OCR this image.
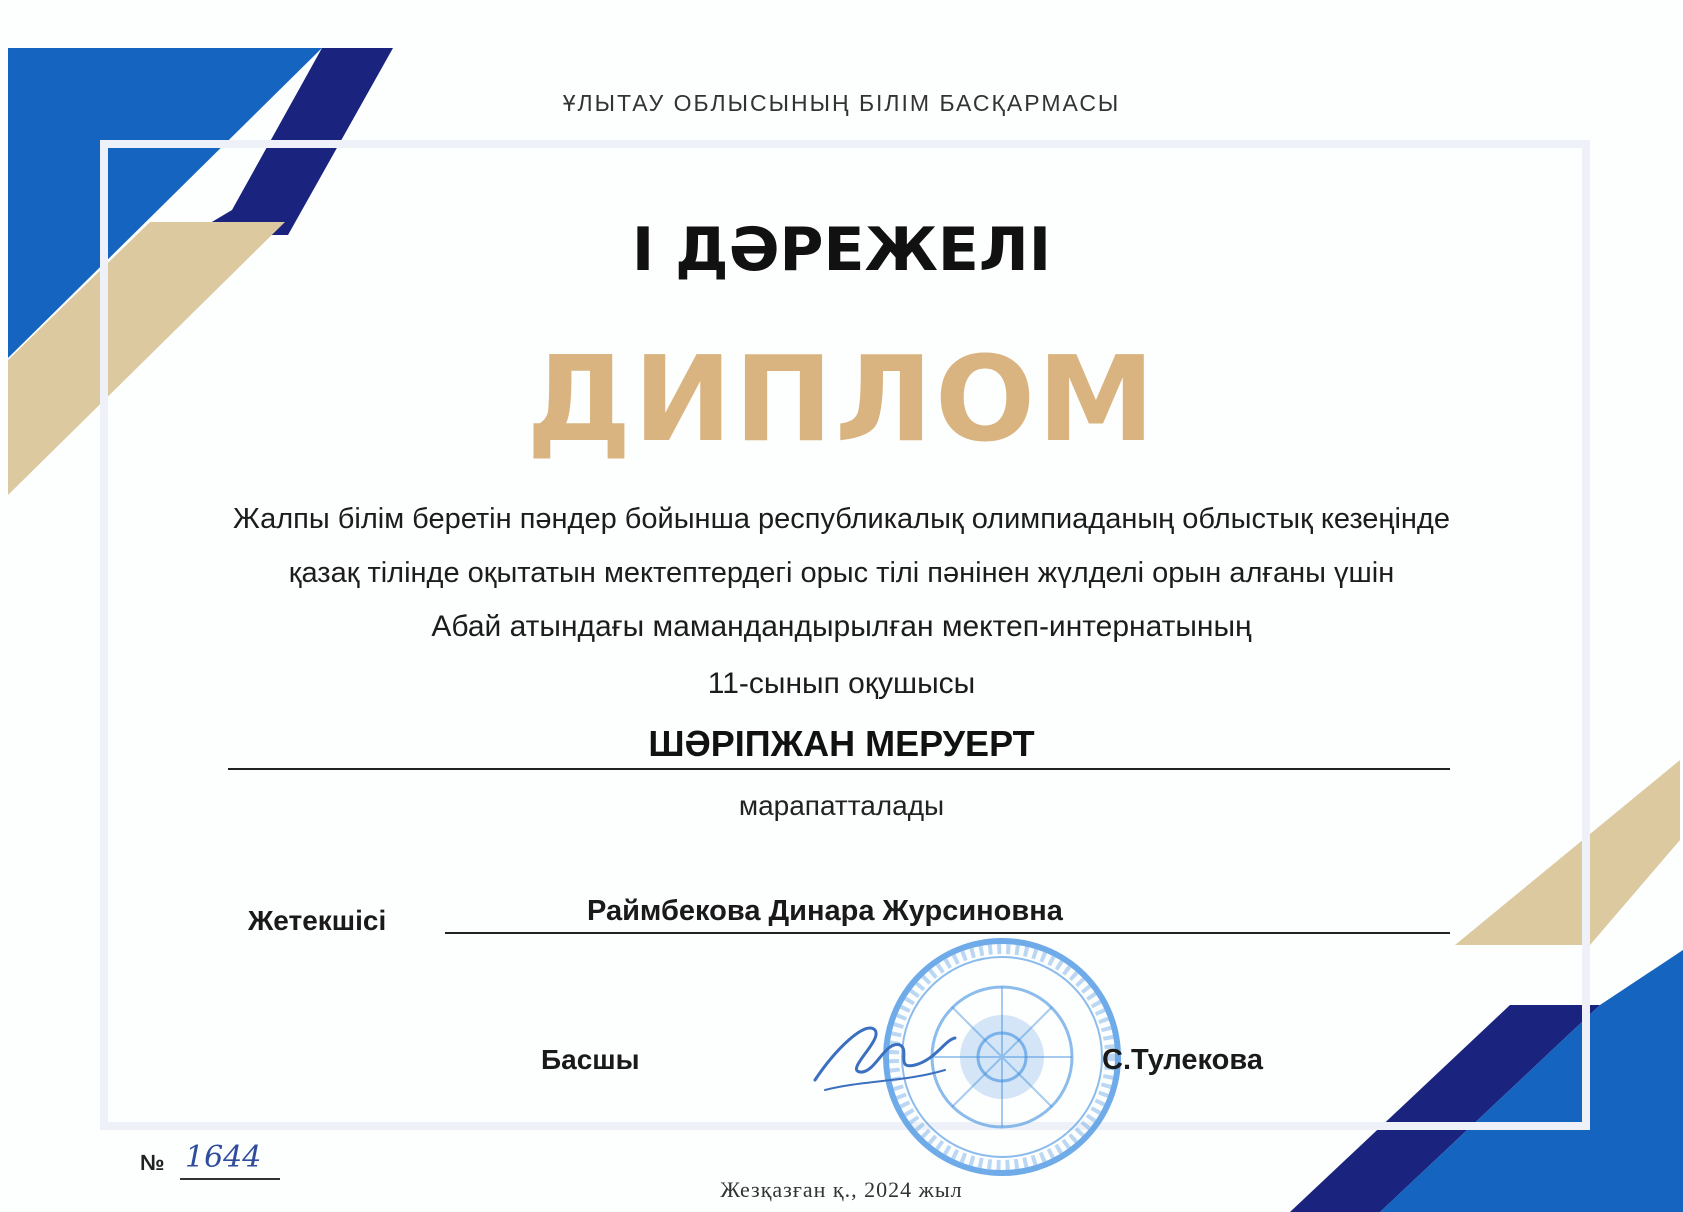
ҰЛЫТАУ ОБЛЫСЫНЫҢ БІЛІМ БАСҚАРМАСЫ
І ДӘРЕЖЕЛІ
ДИПЛОМ
Жалпы білім беретін пәндер бойынша республикалық олимпиаданың облыстық кезеңінде
қазақ тілінде оқытатын мектептердегі орыс тілі пәнінен жүлделі орын алғаны үшін
Абай атындағы мамандандырылған мектеп-интернатының
11-сынып оқушысы
ШӘРІПЖАН МЕРУЕРТ
марапатталады
Жетекшісі	Раймбекова Динара Журсиновна
Басшы	С.Тулекова
№ 1644
Жезқазған қ., 2024 жыл
